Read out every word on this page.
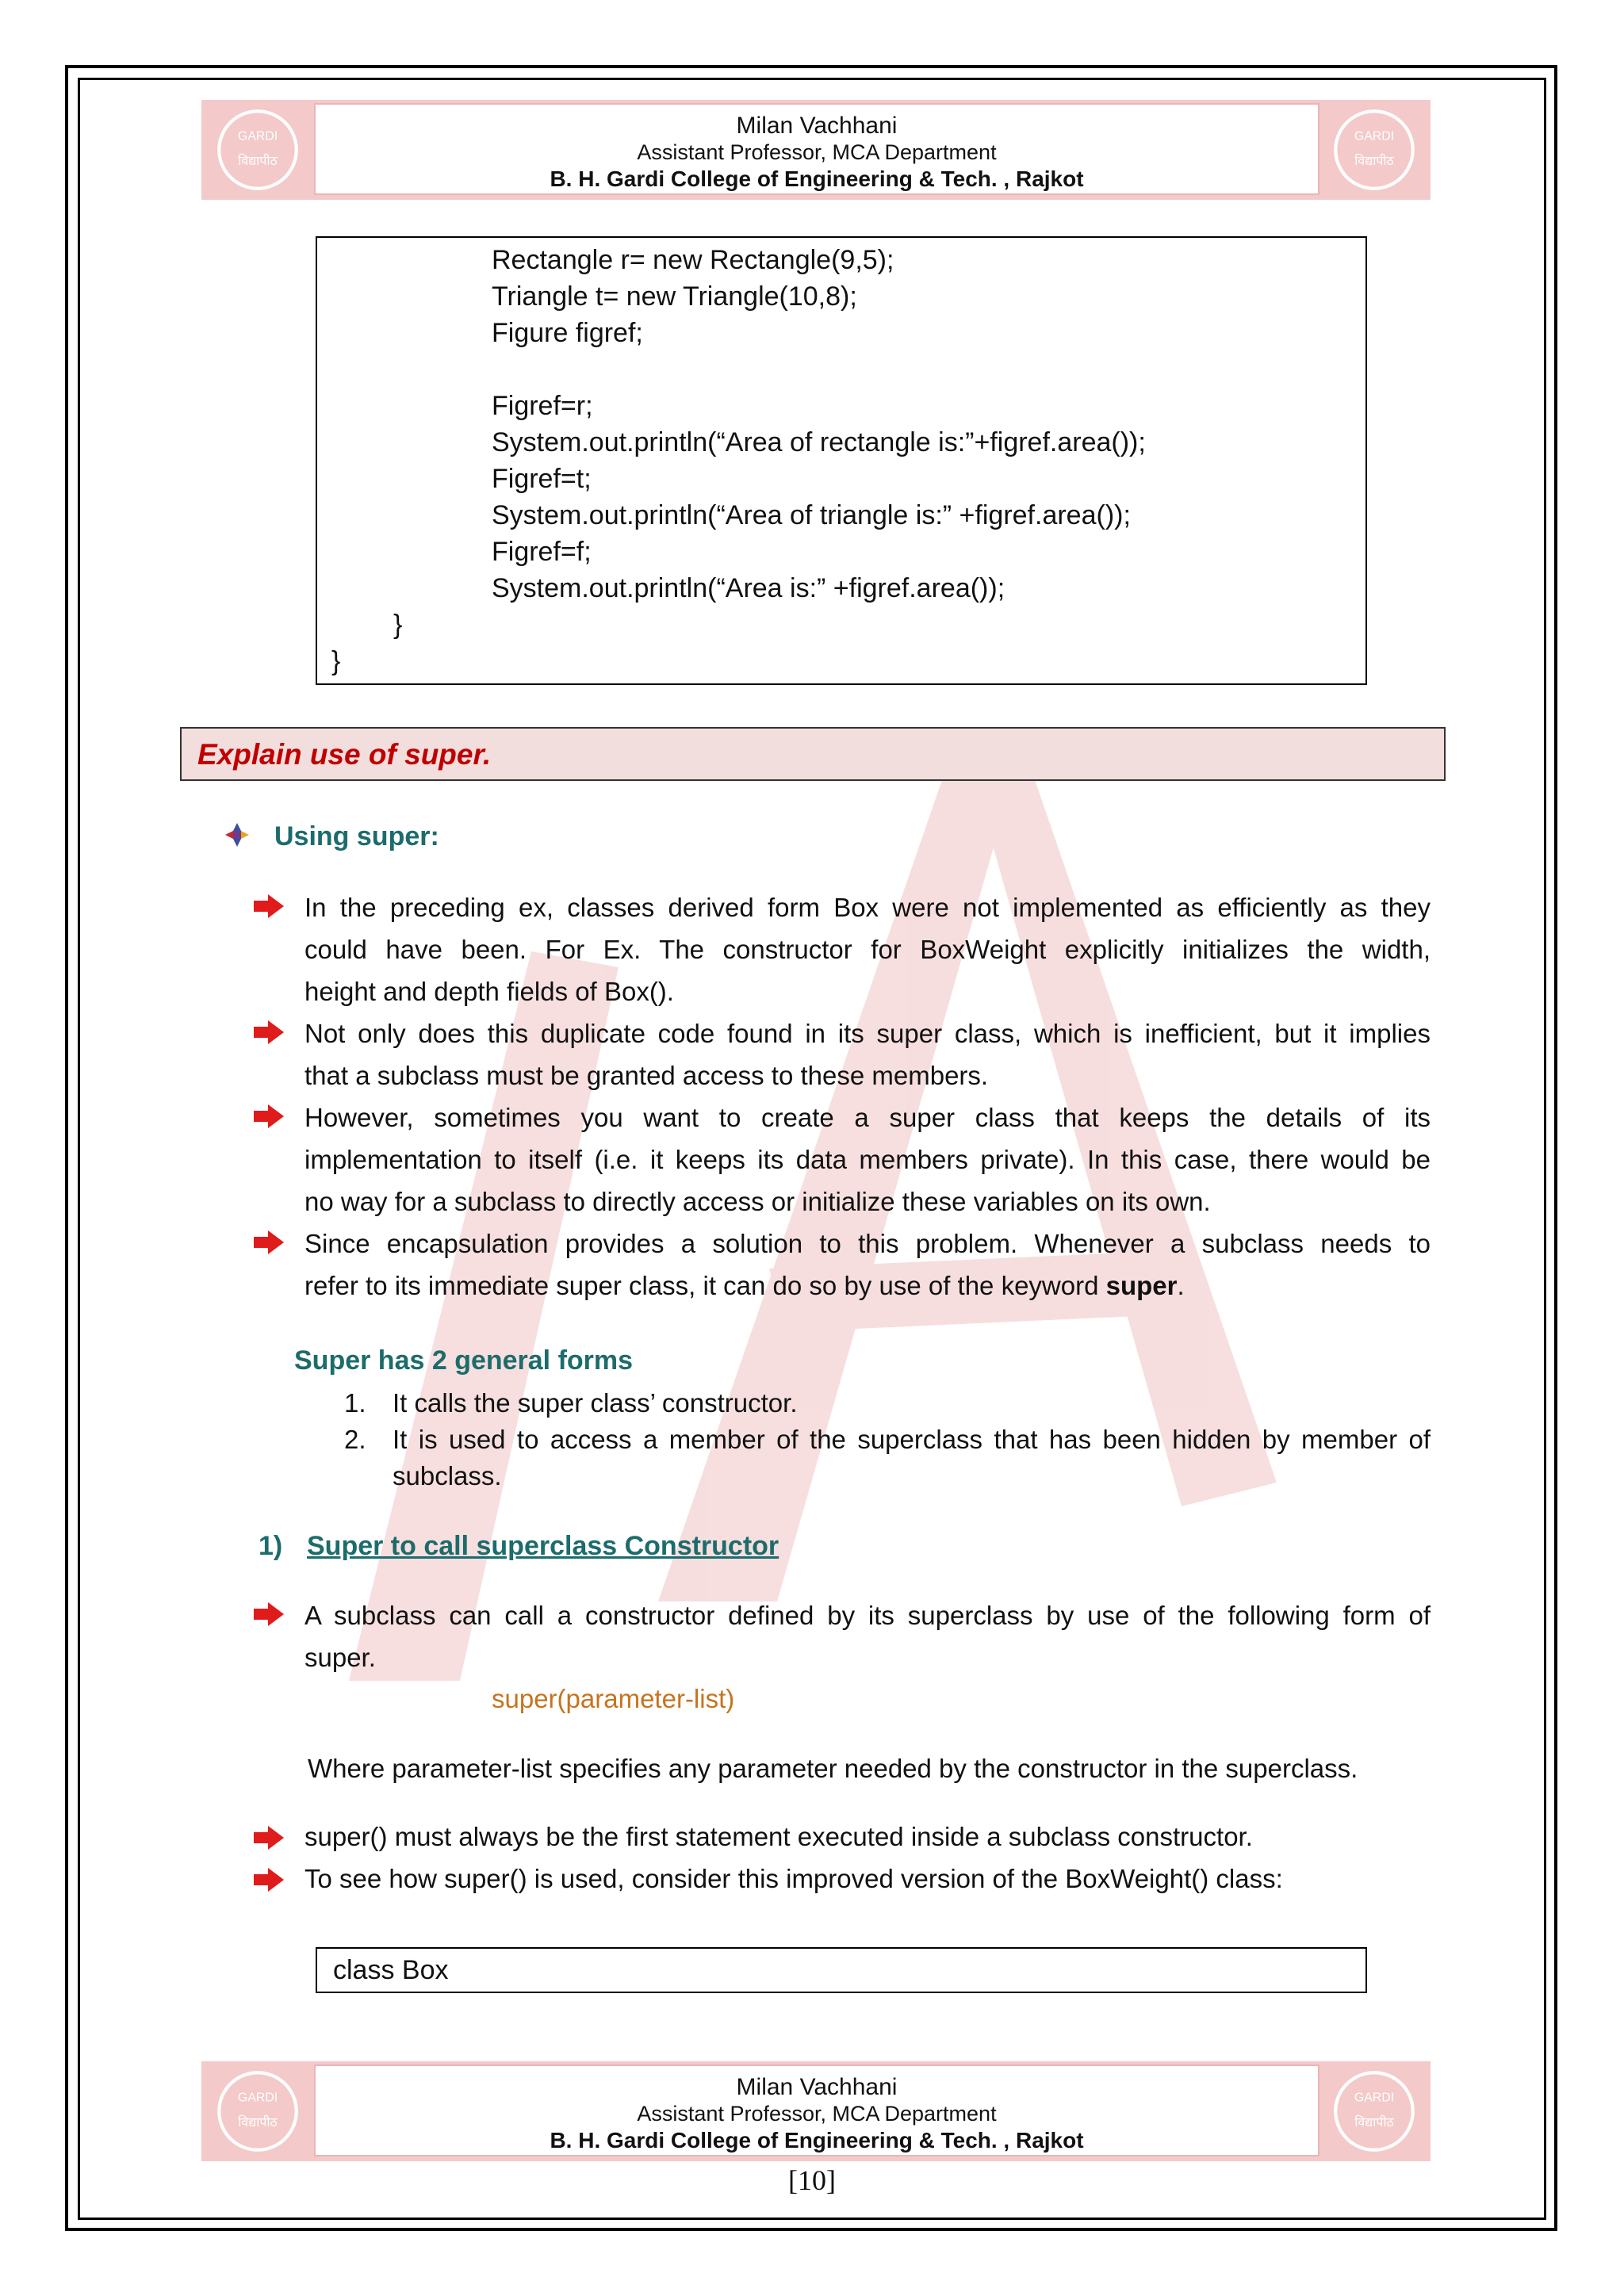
GARDI
विद्यापीठ
Milan Vachhani
Assistant Professor, MCA Department
B. H. Gardi College of Engineering & Tech. , Rajkot
GARDI
विद्यापीठ
Rectangle r= new Rectangle(9,5);
Triangle t= new Triangle(10,8);
Figure figref;
Figref=r;
System.out.println(“Area of rectangle is:”+figref.area());
Figref=t;
System.out.println(“Area of triangle is:” +figref.area());
Figref=f;
System.out.println(“Area is:” +figref.area());
}
}
Explain use of super.
Using super:
In the preceding ex, classes derived form Box were not implemented as efficiently as they
could have been. For Ex. The constructor for BoxWeight explicitly initializes the width,
height and depth fields of Box().
Not only does this duplicate code found in its super class, which is inefficient, but it implies
that a subclass must be granted access to these members.
However, sometimes you want to create a super class that keeps the details of its
implementation to itself (i.e. it keeps its data members private). In this case, there would be
no way for a subclass to directly access or initialize these variables on its own.
Since encapsulation provides a solution to this problem. Whenever a subclass needs to
refer to its immediate super class, it can do so by use of the keyword super.
Super has 2 general forms
1. It calls the super class’ constructor.
2. It is used to access a member of the superclass that has been hidden by member of
subclass.
1) Super to call superclass Constructor
A subclass can call a constructor defined by its superclass by use of the following form of
super.
super(parameter-list)
Where parameter-list specifies any parameter needed by the constructor in the superclass.
super() must always be the first statement executed inside a subclass constructor.
To see how super() is used, consider this improved version of the BoxWeight() class:
class Box
GARDI
विद्यापीठ
Milan Vachhani
Assistant Professor, MCA Department
B. H. Gardi College of Engineering & Tech. , Rajkot
GARDI
विद्यापीठ
[10]
